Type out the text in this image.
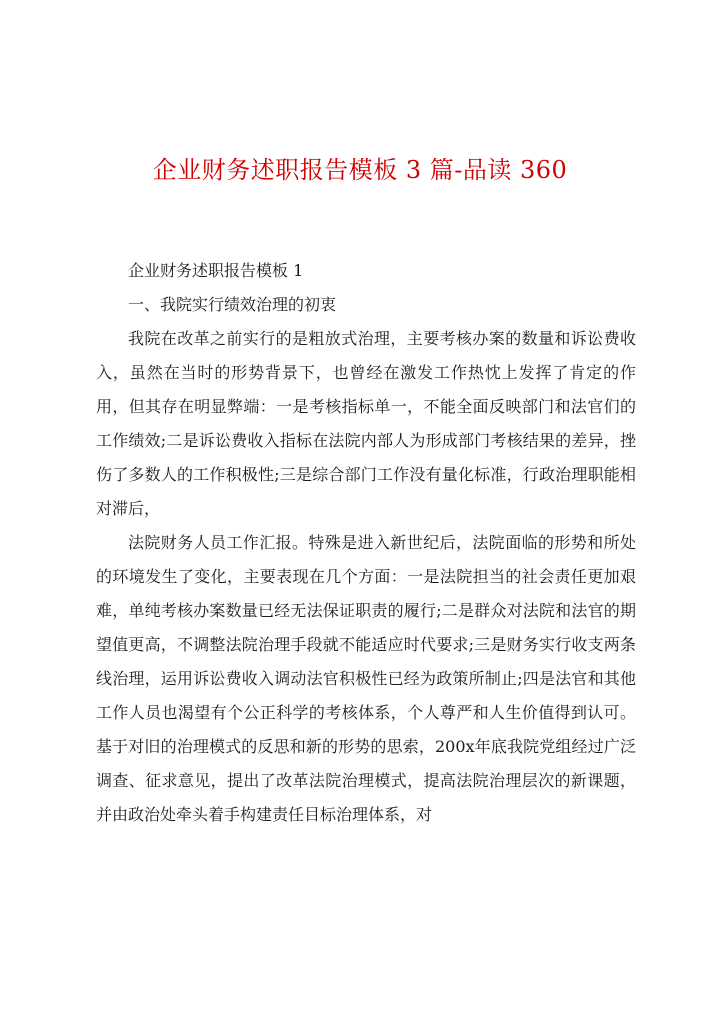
企业财务述职报告模板 3 篇-品读 360

企业财务述职报告模板 1

一、我院实行绩效治理的初衷

我院在改革之前实行的是粗放式治理，主要考核办案的数量和诉讼费收入，虽然在当时的形势背景下，也曾经在激发工作热忱上发挥了肯定的作用，但其存在明显弊端：一是考核指标单一，不能全面反映部门和法官们的工作绩效;二是诉讼费收入指标在法院内部人为形成部门考核结果的差异，挫伤了多数人的工作积极性;三是综合部门工作没有量化标准，行政治理职能相对滞后，

法院财务人员工作汇报。特殊是进入新世纪后，法院面临的形势和所处的环境发生了变化，主要表现在几个方面：一是法院担当的社会责任更加艰难，单纯考核办案数量已经无法保证职责的履行;二是群众对法院和法官的期望值更高，不调整法院治理手段就不能适应时代要求;三是财务实行收支两条线治理，运用诉讼费收入调动法官积极性已经为政策所制止;四是法官和其他工作人员也渴望有个公正科学的考核体系，个人尊严和人生价值得到认可。基于对旧的治理模式的反思和新的形势的思索，200x年底我院党组经过广泛调查、征求意见，提出了改革法院治理模式，提高法院治理层次的新课题，并由政治处牵头着手构建责任目标治理体系，对
